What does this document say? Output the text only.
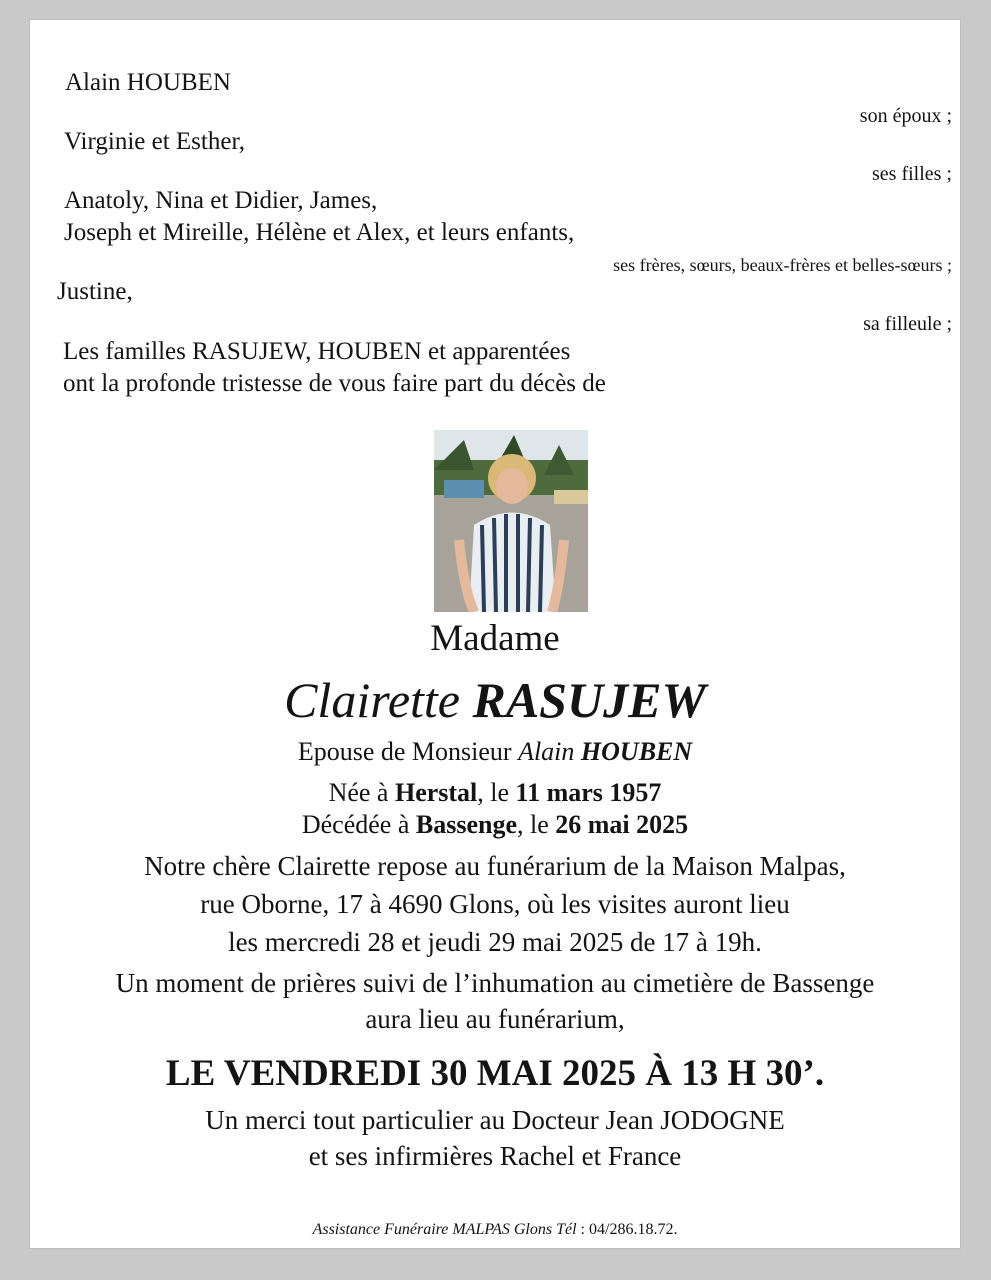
Alain HOUBEN
son époux ;
Virginie et Esther,
ses filles ;
Anatoly, Nina et Didier, James,
Joseph et Mireille, Hélène et Alex, et leurs enfants,
ses frères, sœurs, beaux-frères et belles-sœurs ;
Justine,
sa filleule ;
Les familles RASUJEW, HOUBEN et apparentées
ont la profonde tristesse de vous faire part du décès de
Madame
Clairette RASUJEW
Epouse de Monsieur Alain HOUBEN
Née à Herstal, le 11 mars 1957
Décédée à Bassenge, le 26 mai 2025
Notre chère Clairette repose au funérarium de la Maison Malpas,
rue Oborne, 17 à 4690 Glons, où les visites auront lieu
les mercredi 28 et jeudi 29 mai 2025 de 17 à 19h.
Un moment de prières suivi de l’inhumation au cimetière de Bassenge
aura lieu au funérarium,
LE VENDREDI 30 MAI 2025 À 13 H 30’.
Un merci tout particulier au Docteur Jean JODOGNE
et ses infirmières Rachel et France
Assistance Funéraire MALPAS Glons Tél : 04/286.18.72.
